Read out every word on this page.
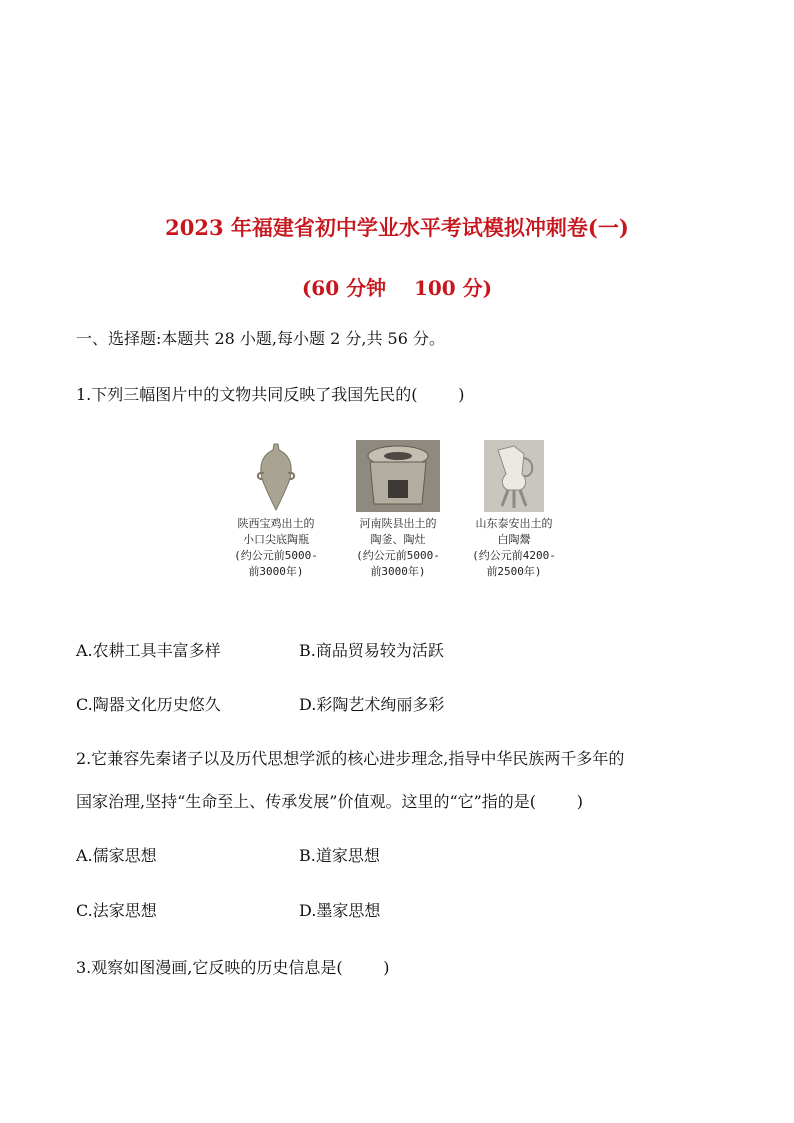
2023 年福建省初中学业水平考试模拟冲刺卷(一)
(60 分钟    100 分)
一、选择题:本题共 28 小题,每小题 2 分,共 56 分。
1.下列三幅图片中的文物共同反映了我国先民的(        )
陕西宝鸡出土的
小口尖底陶瓶
(约公元前5000-
前3000年)
河南陕县出土的
陶釜、陶灶
(约公元前5000-
前3000年)
山东泰安出土的
白陶鬶
(约公元前4200-
前2500年)
A.农耕工具丰富多样	B.商品贸易较为活跃
C.陶器文化历史悠久	D.彩陶艺术绚丽多彩
2.它兼容先秦诸子以及历代思想学派的核心进步理念,指导中华民族两千多年的
国家治理,坚持“生命至上、传承发展”价值观。这里的“它”指的是(        )
A.儒家思想	B.道家思想
C.法家思想	D.墨家思想
3.观察如图漫画,它反映的历史信息是(        )
